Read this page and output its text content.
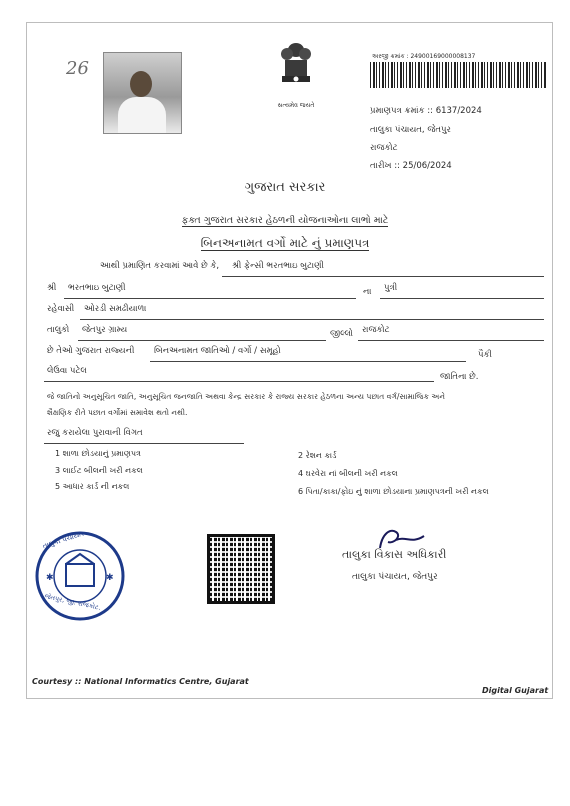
26
સત્યમેવ જયતે
અરજી ક્રમાંક : 24900169000008137
પ્રમાણપત્ર ક્રમાંક :: 6137/2024
તાલુકા પંચાયત, જેતપુર
રાજકોટ
તારીખ :: 25/06/2024
ગુજરાત સરકાર
ફક્ત ગુજરાત સરકાર હેઠળની યોજનાઓના લાભો માટે
બિનઅનામત વર્ગો માટે નું પ્રમાણપત્ર
આથી પ્રમાણિત કરવામાં આવે છે કે, શ્રી ફેન્સી ભરતભાઇ બુટાણી
શ્રી ભરતભાઇ બુટાણી	ના પુત્રી
રહેવાસી ઓરડી સમઢીયાળા
તાલુકો જેતપુર ગ્રામ્ય	જીલ્લો રાજકોટ
છે તેઓ ગુજરાત રાજ્યની બિનઅનામત જાતિઓ / વર્ગો / સમૂહો	પૈકી
લેઉવા પટેલ
જાતિના છે.
જે જાતિનો અનુસૂચિત જાતિ, અનુસૂચિત જનજાતિ અથવા કેન્દ્ર સરકાર કે રાજ્ય સરકાર હેઠળના અન્ય પછાત વર્ગ/સામાજિક અને
શૈક્ષણિક રીતે પછાત વર્ગોમાં સમાવેશ થતો નથી.
રજુ કરાયેલા પુરાવાની વિગત
1 શાળા છોડયાનું પ્રમાણપત્ર	2 રેશન કાર્ડ
3 લાઈટ બીલની ખરી નકલ	4 ઘરવેરા નાં બીલની ખરી નકલ
5 આધાર કાર્ડ ની નકલ
6 પિતા/કાકા/ફોઇ નું શાળા છોડયાના પ્રમાણપત્રની ખરી નકલ
✱	✱
તાલુકા પંચાયત
જેતપુર, જી. રાજકોટ.
તાલુકા વિકાસ અધિકારી
તાલુકા પંચાયત, જેતપુર
Courtesy :: National Informatics Centre, Gujarat
Digital Gujarat
